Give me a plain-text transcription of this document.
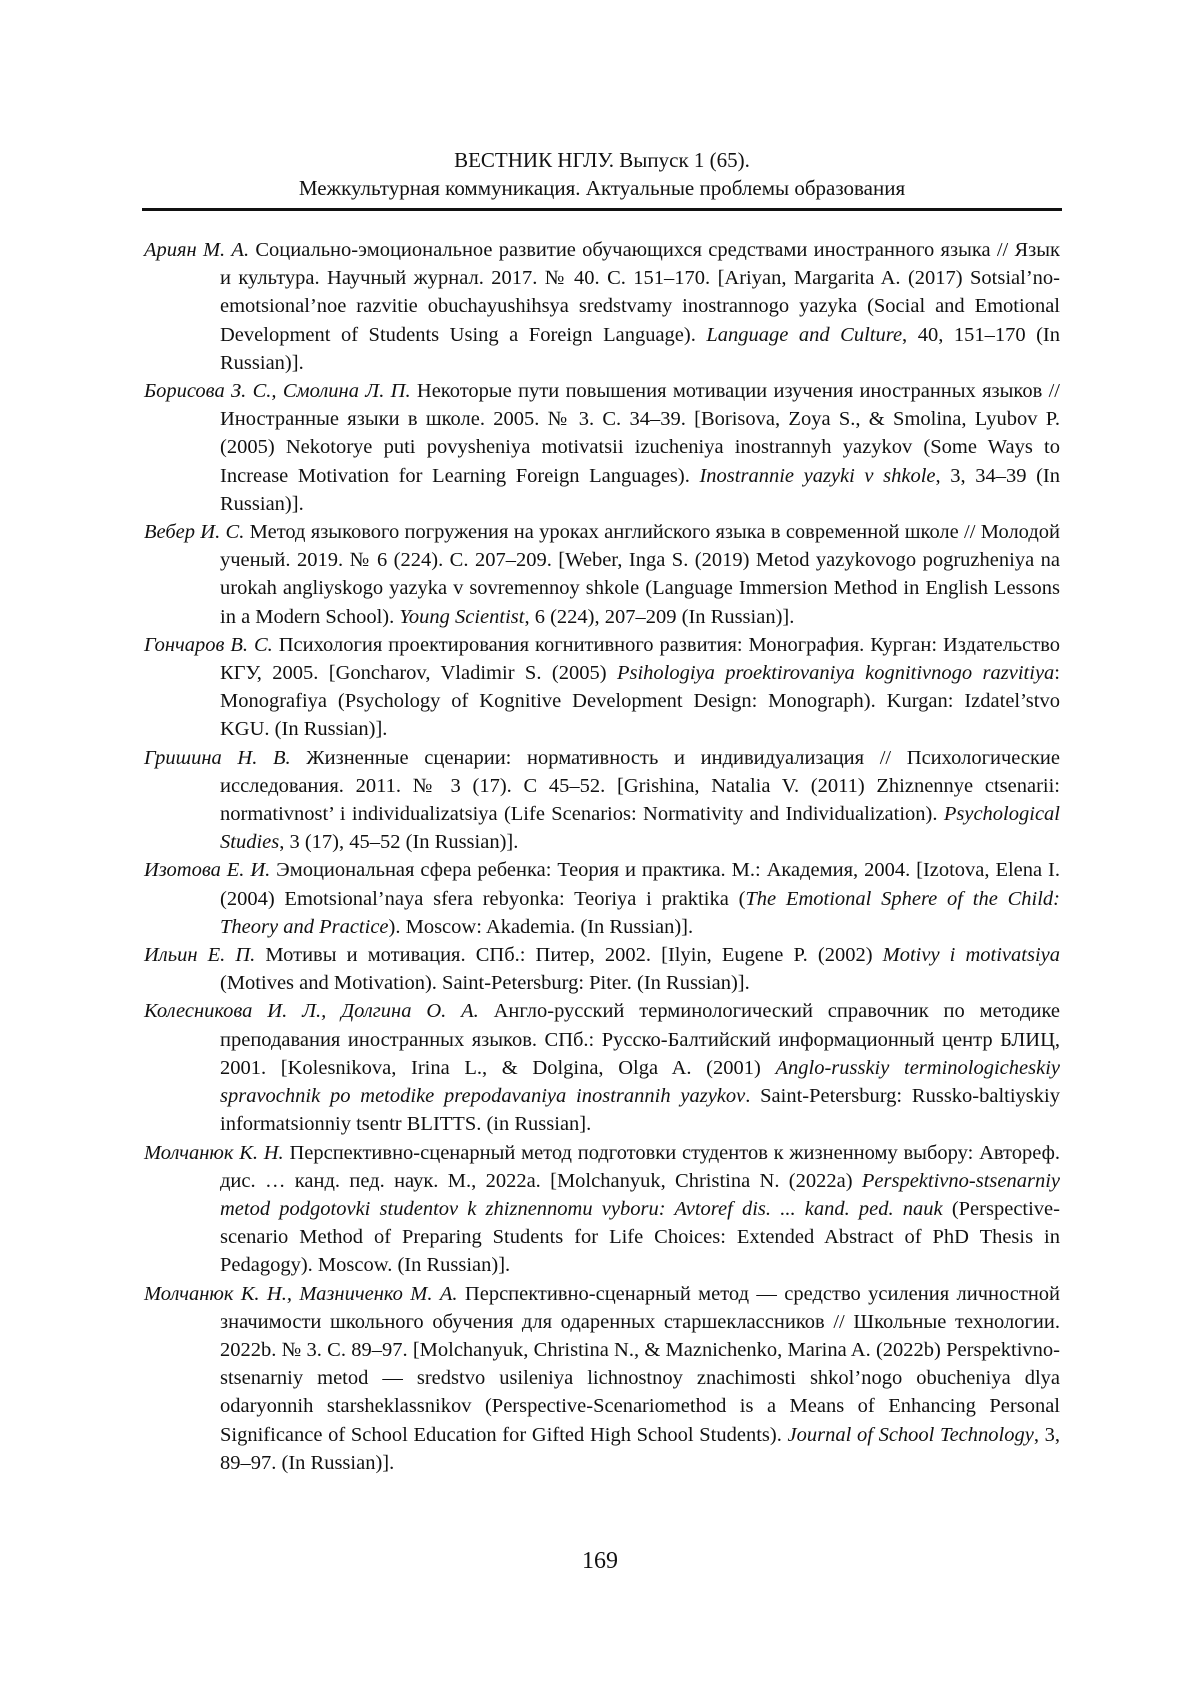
ВЕСТНИК НГЛУ. Выпуск 1 (65).
Межкультурная коммуникация. Актуальные проблемы образования

Ариян М. А. Социально-эмоциональное развитие обучающихся средствами иностранно­го языка // Язык и культура. Научный журнал. 2017. № 40. С. 151–170. [Ariyan, Margarita A. (2017) Sotsial’no-emotsional’noe razvitie obuchayushihsya sredstvamy inostrannogo yazyka (Social and Emotional Development of Students Using a Foreign Language). Language and Culture, 40, 151–170 (In Russian)].

Борисова З. С., Смолина Л. П. Некоторые пути повышения мотивации изучения ино­странных языков // Иностранные языки в школе. 2005. № 3. С. 34–39. [Borisova, Zoya S., & Smolina, Lyubov P. (2005) Nekotorye puti povysheniya motivatsii izucheniya inostrannyh yazykov (Some Ways to Increase Motivation for Learning Foreign Languages). Inostrannie yazyki v shkole, 3, 34–39 (In Russian)].

Вебер И. С. Метод языкового погружения на уроках английского языка в современной школе // Молодой ученый. 2019. № 6 (224). С. 207–209. [Weber, Inga S. (2019) Metod yazykovogo pogruzheniya na urokah angliyskogo yazyka v sovremennoy shkole (Language Immersion Method in English Lessons in a Modern School). Young Scientist, 6 (224), 207–209 (In Russian)].

Гончаров В. С. Психология проектирования когнитивного развития: Монография. Кур­ган: Издательство КГУ, 2005. [Goncharov, Vladimir S. (2005) Psihologiya proek­tirovaniya kognitivnogo razvitiya: Monografiya (Psychology of Kognitive Develop­ment Design: Monograph). Kurgan: Izdatel’stvo KGU. (In Russian)].

Гришина Н. В. Жизненные сценарии: нормативность и индивидуализация // Психологи­ческие исследования. 2011. № 3 (17). С 45–52. [Grishina, Natalia V. (2011) Zhiznennye ctsenarii: normativnost’ i individualizatsiya (Life Scenarios: Normativity and Individualization). Psychological Studies, 3 (17), 45–52 (In Russian)].

Изотова Е. И. Эмоциональная сфера ребенка: Теория и практика. М.: Академия, 2004. [Izotova, Elena I. (2004) Emotsional’naya sfera rebyonka: Teoriya i praktika (The Emo­tional Sphere of the Child: Theory and Practice). Moscow: Akademia. (In Russian)].

Ильин Е. П. Мотивы и мотивация. СПб.: Питер, 2002. [Ilyin, Eugene P. (2002) Motivy i motivatsiya (Motives and Motivation). Saint-Petersburg: Piter. (In Russian)].

Колесникова И. Л., Долгина О. А. Англо-русский терминологический справочник по мето­дике преподавания иностранных языков. СПб.: Русско-Балтийский информацион­ный центр БЛИЦ, 2001. [Kolesnikova, Irina L., & Dolgina, Olga A. (2001) Anglo-russkiy terminologicheskiy spravochnik po metodike prepodavaniya inostrannih yazykov. Saint-Petersburg: Russko-baltiyskiy informatsionniy tsentr BLITTS. (in Russian].

Молчанюк К. Н. Перспективно-сценарный метод подготовки студентов к жизненному выбору: Автореф. дис. … канд. пед. наук. М., 2022a. [Molchanyuk, Christina N. (2022a) Perspektivno-stsenarniy metod podgotovki studentov k zhiznennomu vyboru: Avtoref dis. ... kand. ped. nauk (Perspective-scenario Method of Preparing Students for Life Choices: Extended Abstract of PhD Thesis in Pedagogy). Moscow. (In Russian)].

Молчанюк К. Н., Мазниченко М. А. Перспективно-сценарный метод — средство усиле­ния личностной значимости школьного обучения для одаренных старшекласс­ников // Школьные технологии. 2022b. № 3. С. 89–97. [Molchanyuk, Christina N., & Maznichenko, Marina A. (2022b) Perspektivno-stsenarniy metod — sredstvo usileniya lichnostnoy znachimosti shkol’nogo obucheniya dlya odaryonnih starsheklassnikov (Perspective-Scenariomethod is a Means of Enhancing Personal Significance of School Education for Gifted High School Students). Journal of School Technology, 3, 89–97. (In Russian)].

169
